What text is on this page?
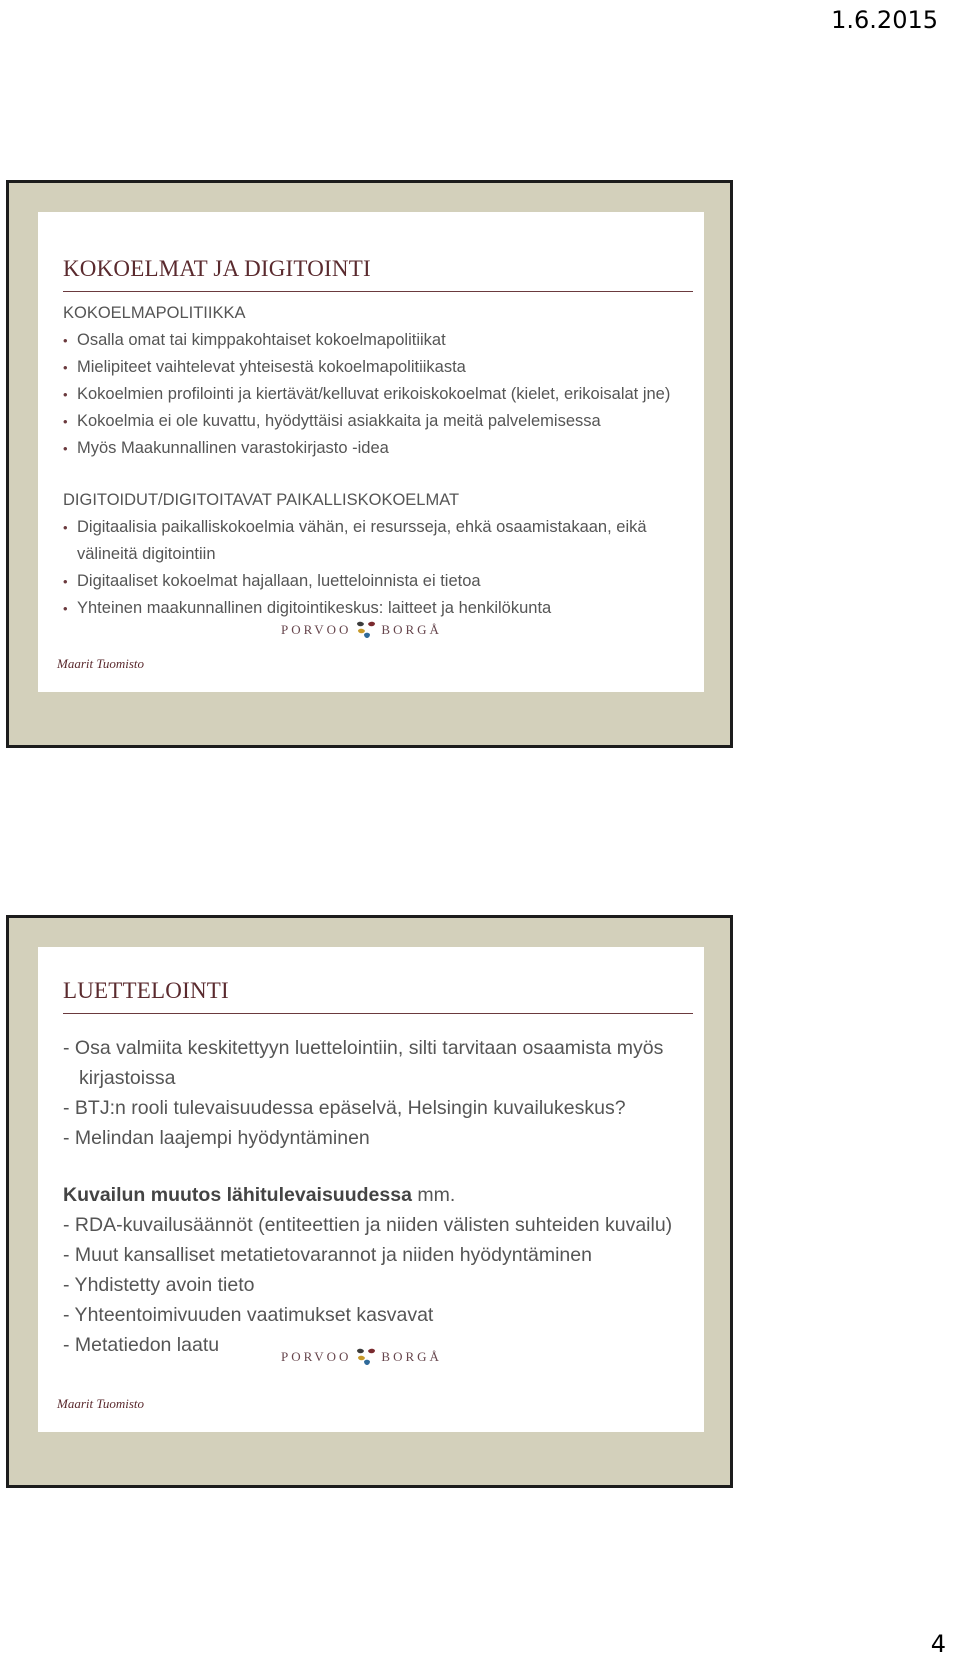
1.6.2015
KOKOELMAT JA DIGITOINTI
KOKOELMAPOLITIIKKA
• Osalla omat tai kimppakohtaiset kokoelmapolitiikat
• Mielipiteet vaihtelevat yhteisestä kokoelmapolitiikasta
• Kokoelmien profilointi ja kiertävät/kelluvat erikoiskokoelmat (kielet, erikoisalat jne)
• Kokoelmia ei ole kuvattu, hyödyttäisi asiakkaita ja meitä palvelemisessa
• Myös Maakunnallinen varastokirjasto -idea
DIGITOIDUT/DIGITOITAVAT PAIKALLISKOKOELMAT
• Digitaalisia paikalliskokoelmia vähän, ei resursseja, ehkä osaamistakaan, eikä välineitä digitointiin
• Digitaaliset kokoelmat hajallaan, luetteloinnista ei tietoa
• Yhteinen maakunnallinen digitointikeskus: laitteet ja henkilökunta
PORVOO BORGÅ
Maarit Tuomisto
13.2.2015
7
LUETTELOINTI
- Osa valmiita keskitettyyn luettelointiin, silti tarvitaan osaamista myös kirjastoissa
- BTJ:n rooli tulevaisuudessa epäselvä, Helsingin kuvailukeskus?
- Melindan laajempi hyödyntäminen
Kuvailun muutos lähitulevaisuudessa mm.
- RDA-kuvailusäännöt (entiteettien ja niiden välisten suhteiden kuvailu)
- Muut kansalliset metatietovarannot ja niiden hyödyntäminen
- Yhdistetty avoin tieto
- Yhteentoimivuuden vaatimukset kasvavat
- Metatiedon laatu
PORVOO BORGÅ
Maarit Tuomisto
13.2.2015
8
4
